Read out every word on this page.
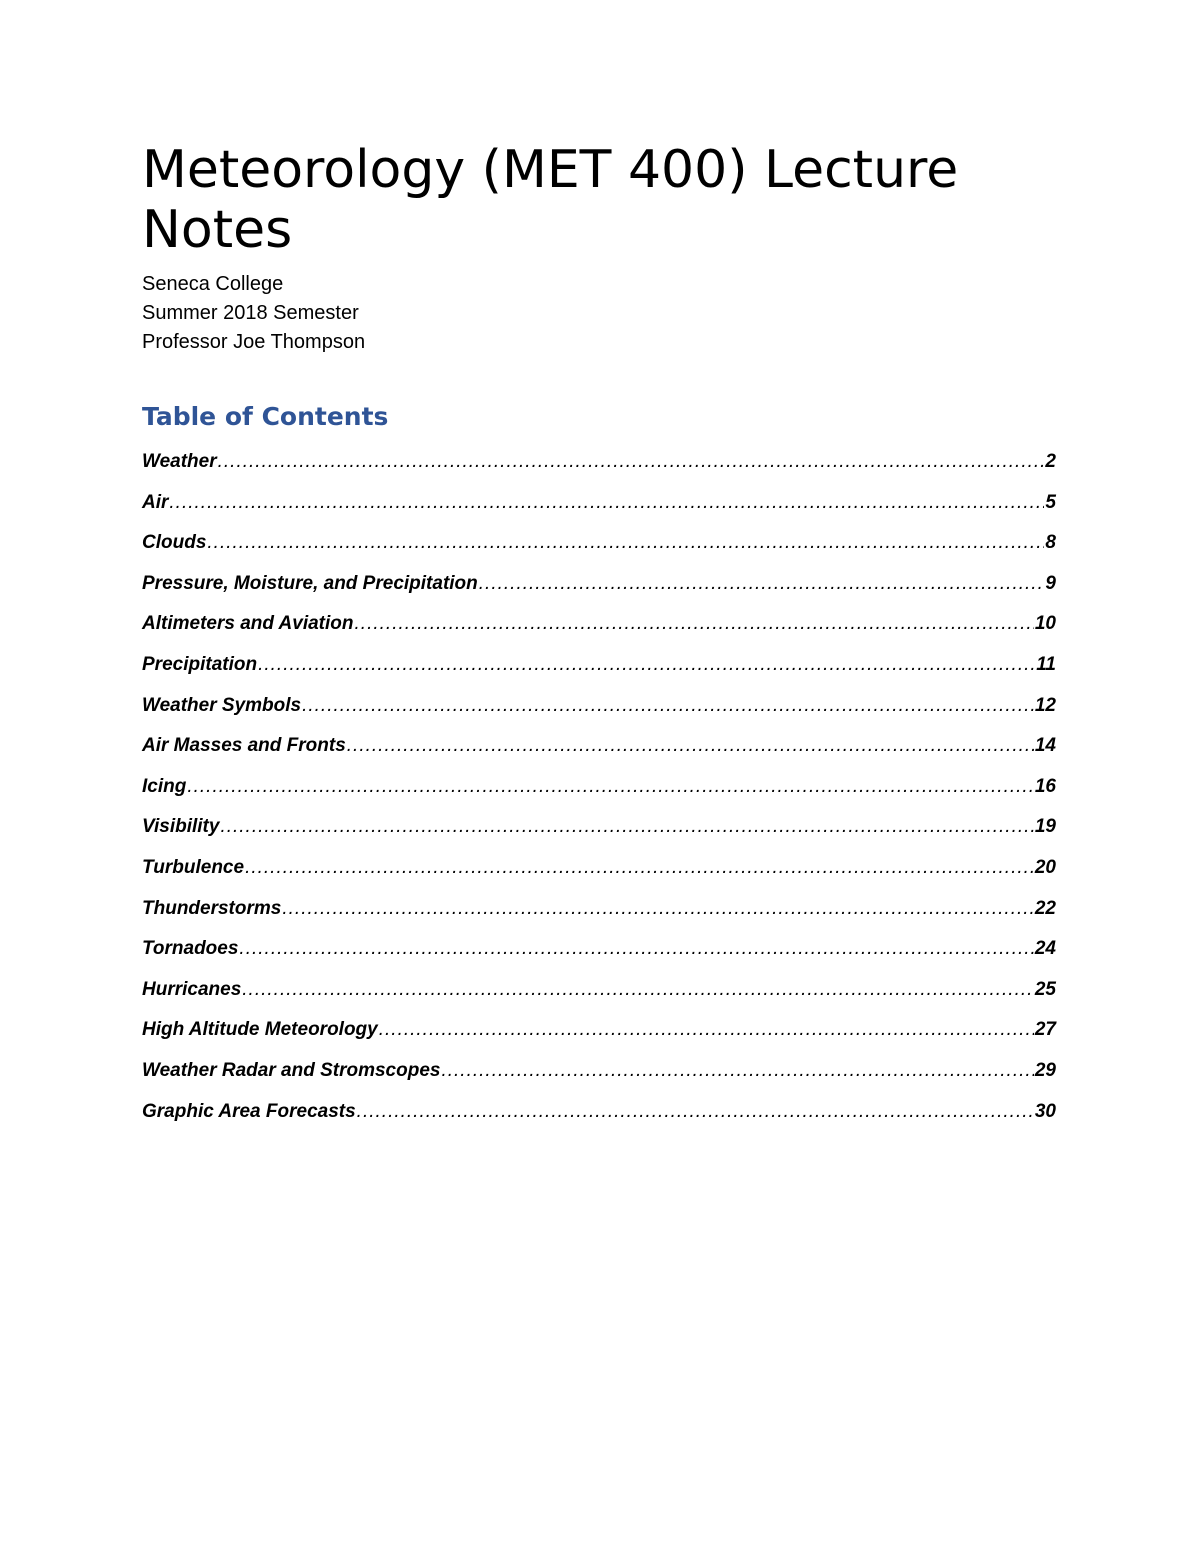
Meteorology (MET 400) Lecture Notes
Seneca College
Summer 2018 Semester
Professor Joe Thompson
Table of Contents
Weather .....	2
Air .....	5
Clouds .....	8
Pressure, Moisture, and Precipitation .....	9
Altimeters and Aviation .....	10
Precipitation .....	11
Weather Symbols .....	12
Air Masses and Fronts .....	14
Icing .....	16
Visibility .....	19
Turbulence .....	20
Thunderstorms .....	22
Tornadoes .....	24
Hurricanes .....	25
High Altitude Meteorology .....	27
Weather Radar and Stromscopes .....	29
Graphic Area Forecasts .....	30
